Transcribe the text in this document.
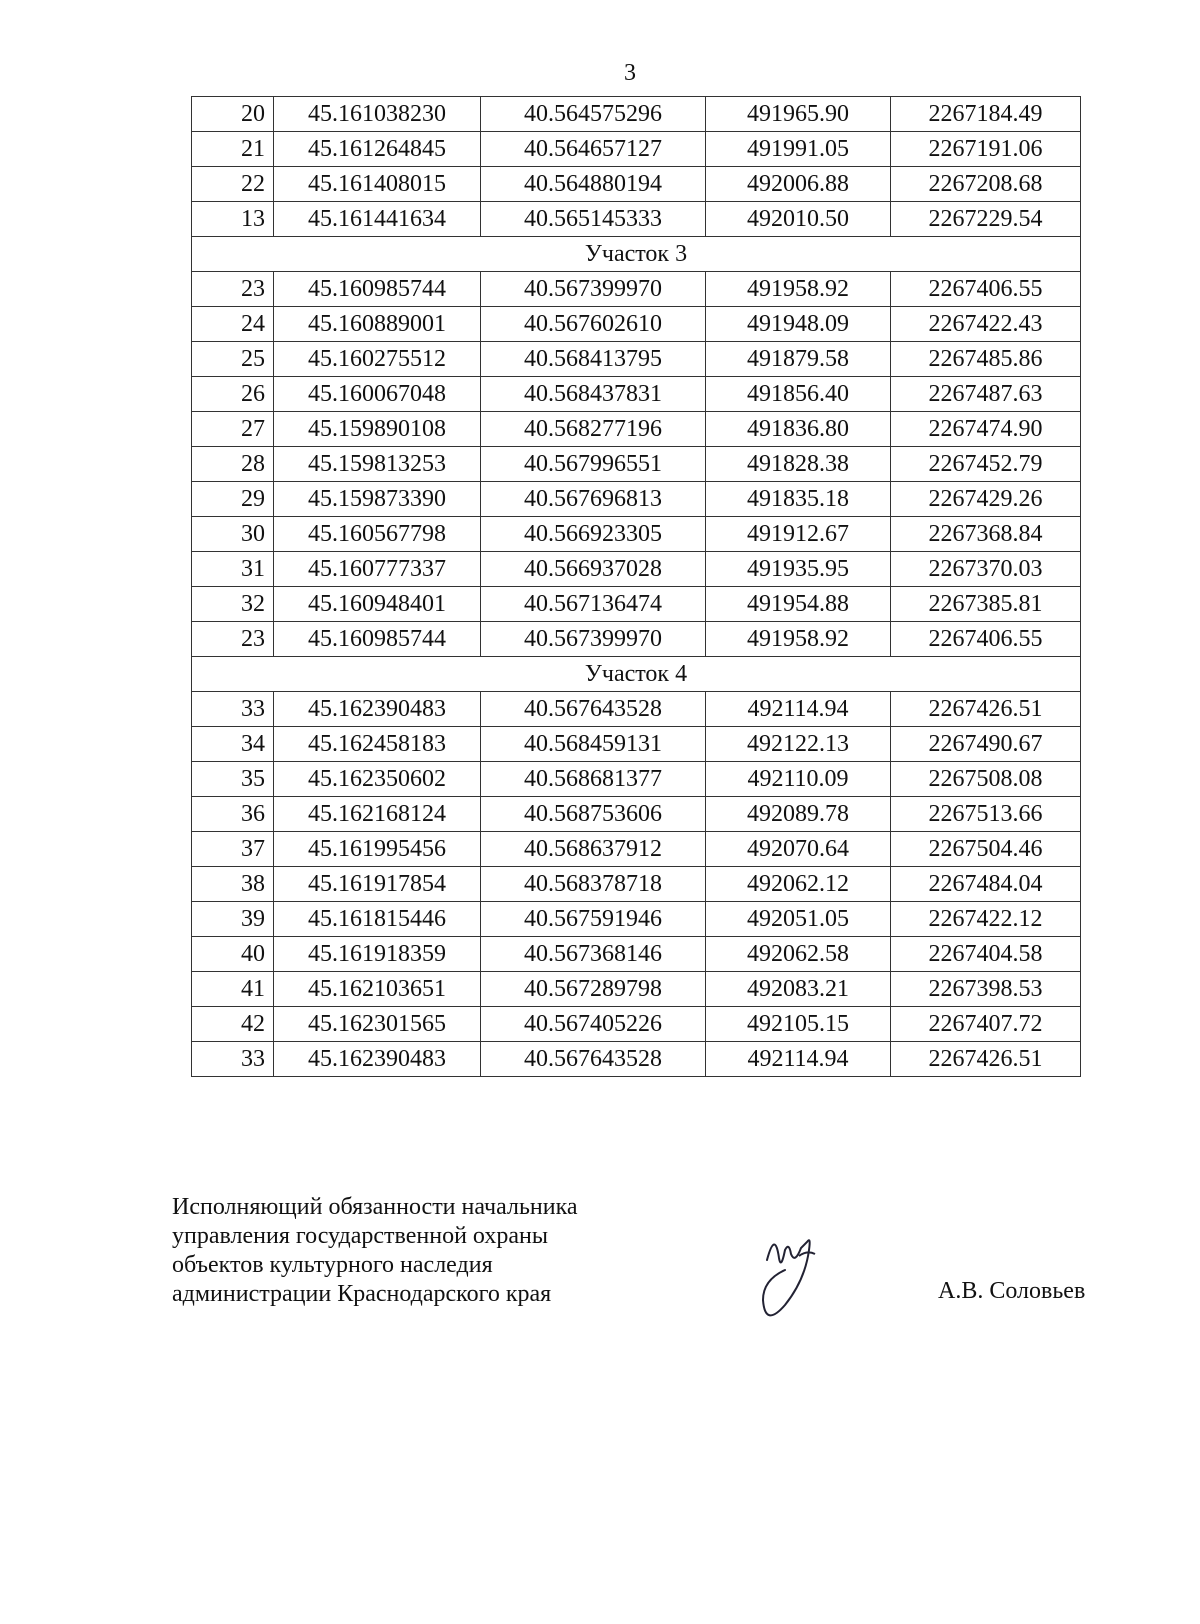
3
20	45.161038230	40.564575296	491965.90	2267184.49
21	45.161264845	40.564657127	491991.05	2267191.06
22	45.161408015	40.564880194	492006.88	2267208.68
13	45.161441634	40.565145333	492010.50	2267229.54
Участок 3				
23	45.160985744	40.567399970	491958.92	2267406.55
24	45.160889001	40.567602610	491948.09	2267422.43
25	45.160275512	40.568413795	491879.58	2267485.86
26	45.160067048	40.568437831	491856.40	2267487.63
27	45.159890108	40.568277196	491836.80	2267474.90
28	45.159813253	40.567996551	491828.38	2267452.79
29	45.159873390	40.567696813	491835.18	2267429.26
30	45.160567798	40.566923305	491912.67	2267368.84
31	45.160777337	40.566937028	491935.95	2267370.03
32	45.160948401	40.567136474	491954.88	2267385.81
23	45.160985744	40.567399970	491958.92	2267406.55
Участок 4				
33	45.162390483	40.567643528	492114.94	2267426.51
34	45.162458183	40.568459131	492122.13	2267490.67
35	45.162350602	40.568681377	492110.09	2267508.08
36	45.162168124	40.568753606	492089.78	2267513.66
37	45.161995456	40.568637912	492070.64	2267504.46
38	45.161917854	40.568378718	492062.12	2267484.04
39	45.161815446	40.567591946	492051.05	2267422.12
40	45.161918359	40.567368146	492062.58	2267404.58
41	45.162103651	40.567289798	492083.21	2267398.53
42	45.162301565	40.567405226	492105.15	2267407.72
33	45.162390483	40.567643528	492114.94	2267426.51
Исполняющий обязанности начальника
управления государственной охраны
объектов культурного наследия
администрации Краснодарского края	А.В. Соловьев
